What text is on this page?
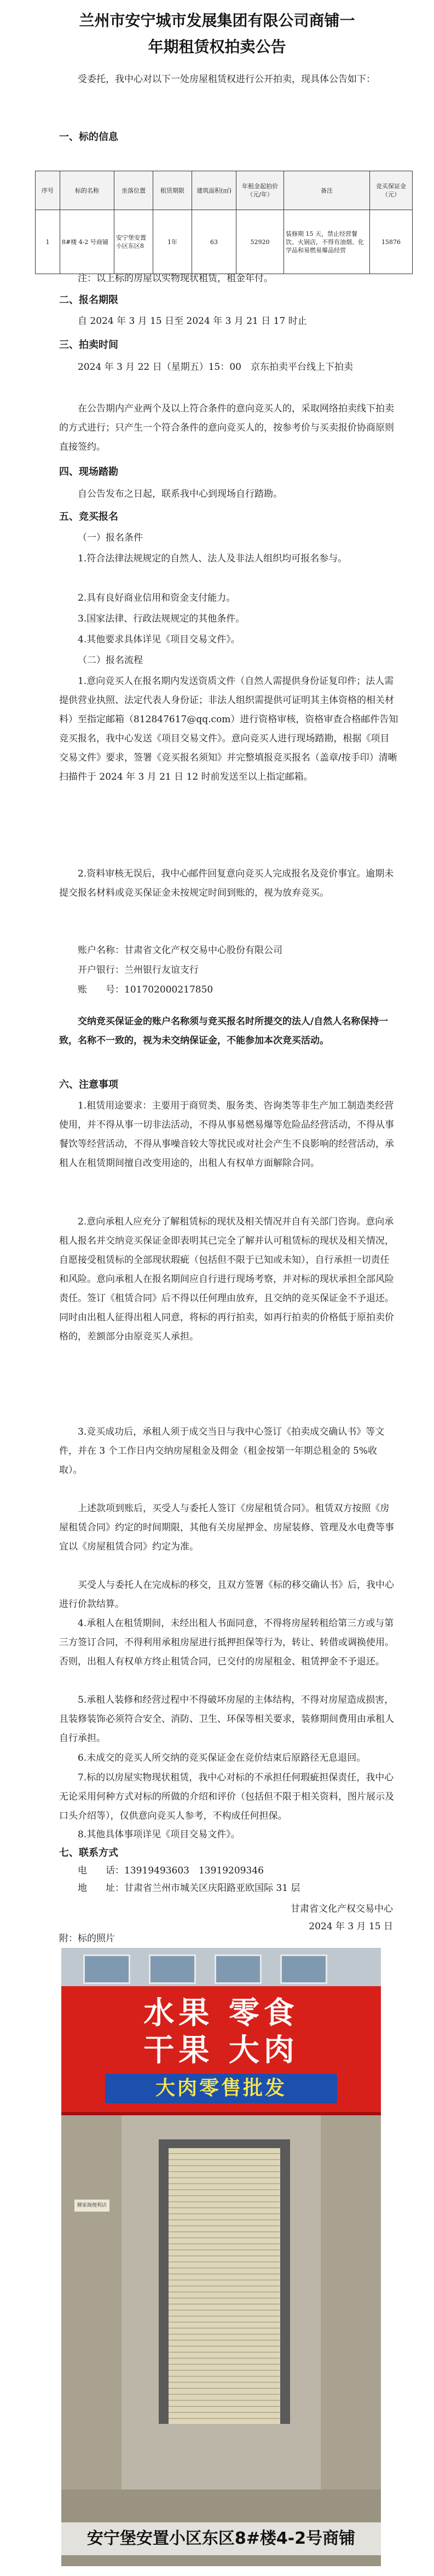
兰州市安宁城市发展集团有限公司商铺一
年期租赁权拍卖公告

受委托，我中心对以下一处房屋租赁权进行公开拍卖，现具体公告如下：

一、标的信息
序号	标的名称	坐落位置	租赁期限	建筑面积(㎡)	年租金起拍价（元/年）	备注	竞买保证金（元）
1	8#楼 4-2 号商铺	安宁堡安置小区东区8	1年	63	52920	装修期 15 天，禁止经营餐饮、火锅店，不得有油烟、化学品和易燃易爆品经营	15876

注：以上标的房屋以实物现状租赁，租金年付。

二、报名期限

自 2024 年 3 月 15 日至 2024 年 3 月 21 日 17 时止

三、拍卖时间

2024 年 3 月 22 日（星期五）15：00　京东拍卖平台线上下拍卖

在公告期内产业两个及以上符合条件的意向竞买人的，采取网络拍卖线下拍卖的方式进行；只产生一个符合条件的意向竞买人的，按参考价与买卖报价协商原则直接签约。

四、现场踏勘

自公告发布之日起，联系我中心到现场自行踏勘。

五、竞买报名
（一）报名条件

1.符合法律法规规定的自然人、法人及非法人组织均可报名参与。

2.具有良好商业信用和资金支付能力。

3.国家法律、行政法规规定的其他条件。

4.其他要求具体详见《项目交易文件》。

（二）报名流程

1.意向竞买人在报名期内发送资质文件（自然人需提供身份证复印件；法人需提供营业执照、法定代表人身份证；非法人组织需提供可证明其主体资格的相关材料）至指定邮箱（812847617@qq.com）进行资格审核，资格审查合格邮件告知竞买报名，我中心发送《项目交易文件》。意向竞买人进行现场踏勘，根据《项目交易文件》要求，签署《竞买报名须知》并完整填报竞买报名（盖章/按手印）清晰扫描件于 2024 年 3 月 21 日 12 时前发送至以上指定邮箱。

2.资料审核无误后，我中心邮件回复意向竞买人完成报名及竞价事宜。逾期未提交报名材料或竞买保证金未按规定时间到账的，视为放弃竞买。

账户名称：甘肃省文化产权交易中心股份有限公司
开户银行：兰州银行友谊支行
账　　号：101702000217850

交纳竞买保证金的账户名称须与竞买报名时所提交的法人/自然人名称保持一致，名称不一致的，视为未交纳保证金，不能参加本次竞买活动。

六、注意事项

1.租赁用途要求：主要用于商贸类、服务类、咨询类等非生产加工制造类经营使用，并不得从事一切非法活动，不得从事易燃易爆等危险品经营活动，不得从事餐饮等经营活动，不得从事噪音较大等扰民或对社会产生不良影响的经营活动，承租人在租赁期间擅自改变用途的，出租人有权单方面解除合同。

2.意向承租人应充分了解租赁标的现状及相关情况并自有关部门咨询。意向承租人报名并交纳竞买保证金即表明其已完全了解并认可租赁标的现状及相关情况，自愿接受租赁标的全部现状瑕疵（包括但不限于已知或未知），自行承担一切责任和风险。意向承租人在报名期间应自行进行现场考察，并对标的现状承担全部风险责任。签订《租赁合同》后不得以任何理由放弃，且交纳的竞买保证金不予退还。同时由出租人征得出租人同意，将标的再行拍卖，如再行拍卖的价格低于原拍卖价格的，差额部分由原竞买人承担。

3.竞买成功后，承租人须于成交当日与我中心签订《拍卖成交确认书》等文件，并在 3 个工作日内交纳房屋租金及佣金（租金按第一年期总租金的 5%收取）。

上述款项到账后，买受人与委托人签订《房屋租赁合同》。租赁双方按照《房屋租赁合同》约定的时间期限，其他有关房屋押金、房屋装修、管理及水电费等事宜以《房屋租赁合同》约定为准。

买受人与委托人在完成标的移交，且双方签署《标的移交确认书》后，我中心进行价款结算。

4.承租人在租赁期间，未经出租人书面同意，不得将房屋转租给第三方或与第三方签订合同，不得利用承租房屋进行抵押担保等行为，转让、转借或调换使用。否则，出租人有权单方终止租赁合同，已交付的房屋租金、租赁押金不予退还。

5.承租人装修和经营过程中不得破坏房屋的主体结构，不得对房屋造成损害，且装修装饰必须符合安全、消防、卫生、环保等相关要求，装修期间费用由承租人自行承担。

6.未成交的竞买人所交纳的竞买保证金在竞价结束后原路径无息退回。

7.标的以房屋实物现状租赁，我中心对标的不承担任何瑕疵担保责任，我中心无论采用何种方式对标的所做的介绍和评价（包括但不限于相关资料，图片展示及口头介绍等），仅供意向竞买人参考，不构成任何担保。

8.其他具体事项详见《项目交易文件》。

七、联系方式
电　　话：13919493603　13919209346
地　　址：甘肃省兰州市城关区庆阳路亚欧国际 31 层
水果 零食
干果 大肉
大肉零售批发
柳家阁便利店
安宁堡安置小区东区8#楼4-2号商铺
甘肃省文化产权交易中心
2024 年 3 月 15 日
附：标的照片
